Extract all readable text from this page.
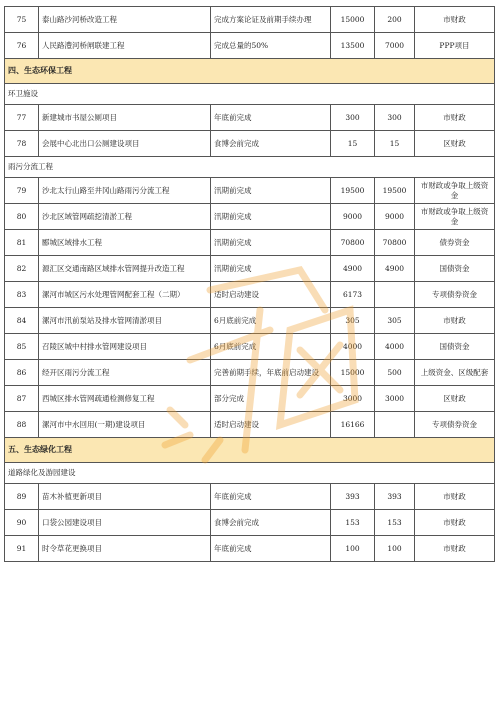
75	泰山路沙河桥改造工程	完成方案论证及前期手续办理	15000	200	市财政
76	人民路澧河桥闸联建工程	完成总量的50%	13500	7000	PPP项目
四、生态环保工程					
环卫施设					
77	新建城市书屋公厕项目	年底前完成	300	300	市财政
78	会展中心北出口公厕建设项目	食博会前完成	15	15	区财政
雨污分流工程					
79	沙北太行山路至井冈山路雨污分流工程	汛期前完成	19500	19500	市财政或争取上级资金
80	沙北区域管网疏挖清淤工程	汛期前完成	9000	9000	市财政或争取上级资金
81	郾城区域排水工程	汛期前完成	70800	70800	债券资金
82	源汇区交通南路区域排水管网提升改造工程	汛期前完成	4900	4900	国债资金
83	漯河市城区污水处理管网配套工程（二期）	适时启动建设	6173		专项债券资金
84	漯河市汛前泵站及排水管网清淤项目	6月底前完成	305	305	市财政
85	召陵区城中村排水管网建设项目	6月底前完成	4000	4000	国债资金
86	经开区雨污分流工程	完善前期手续，年底前启动建设	15000	500	上级资金、区级配套
87	西城区排水管网疏通检测修复工程	部分完成	3000	3000	区财政
88	漯河市中水回用(一期)建设项目	适时启动建设	16166		专项债券资金
五、生态绿化工程					
道路绿化及游园建设					
89	苗木补植更新项目	年底前完成	393	393	市财政
90	口袋公园建设项目	食博会前完成	153	153	市财政
91	时令草花更换项目	年底前完成	100	100	市财政
